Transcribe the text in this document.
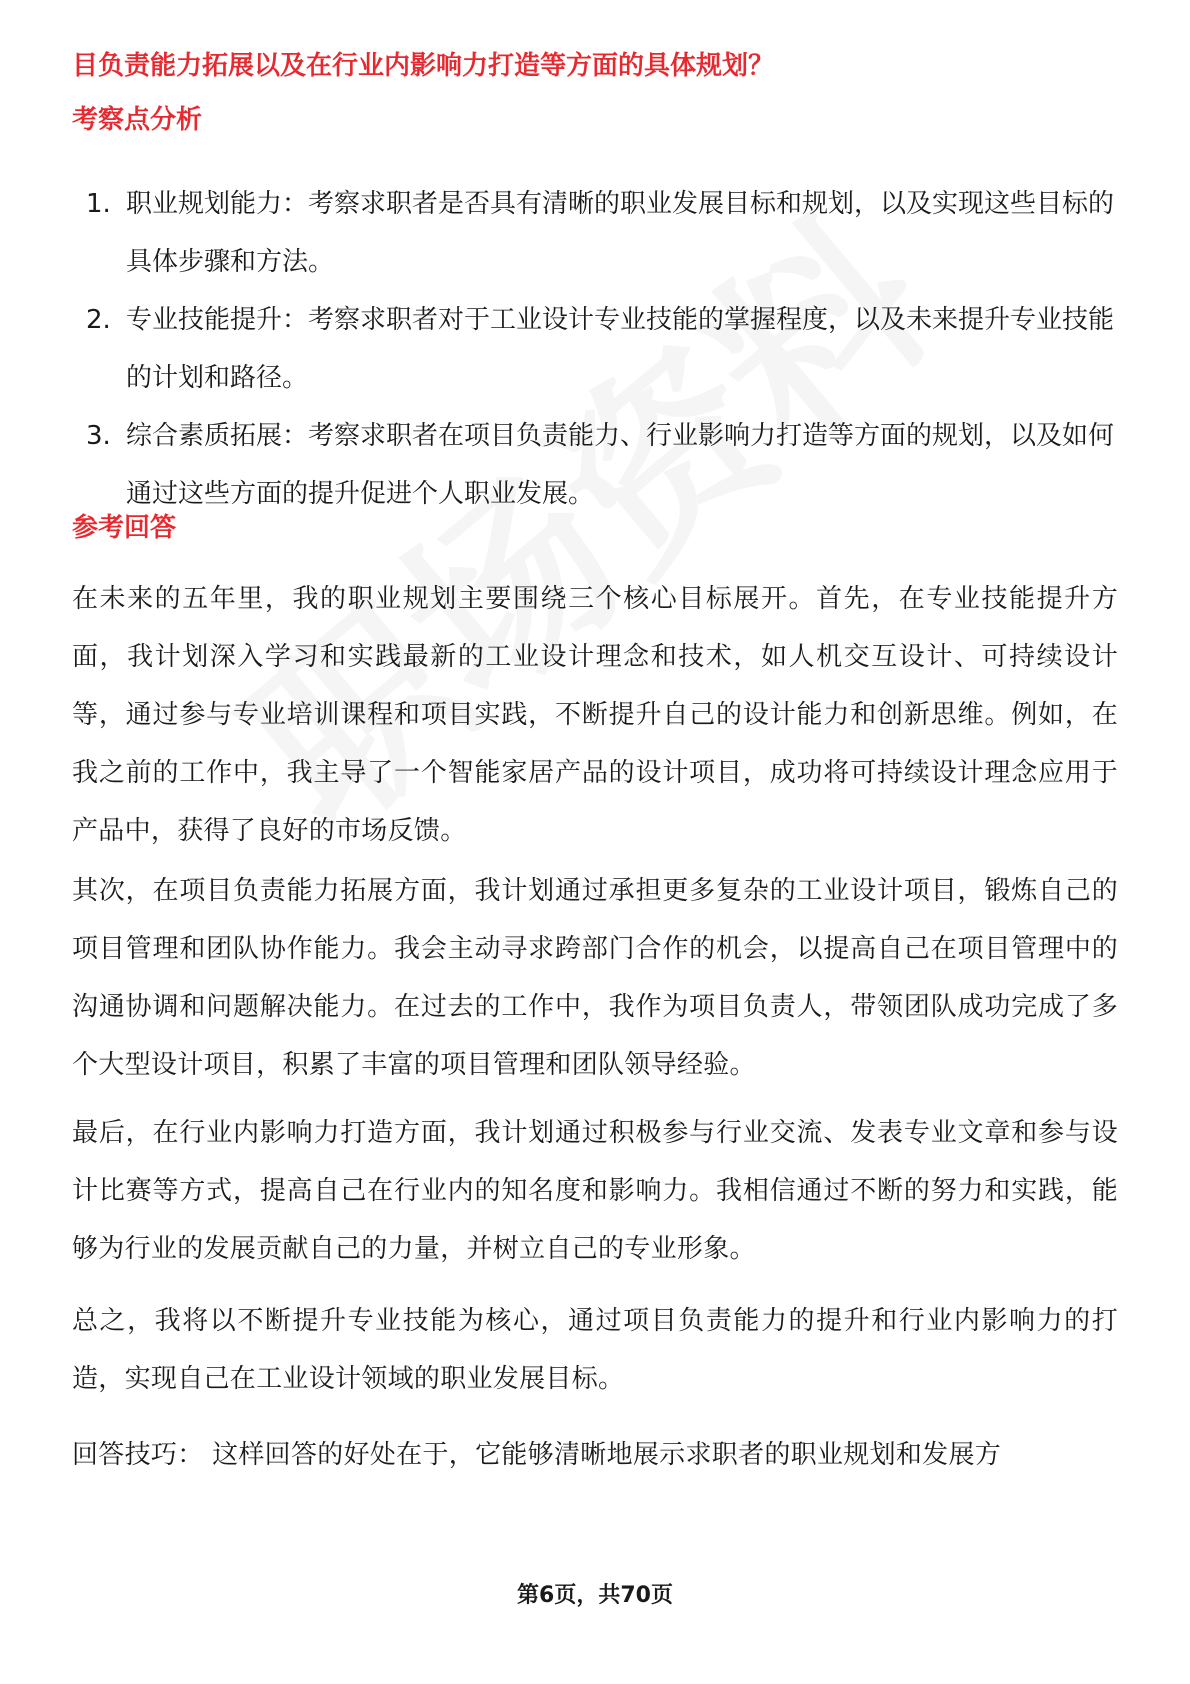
目负责能力拓展以及在行业内影响力打造等方面的具体规划？

考察点分析

1. 职业规划能力：考察求职者是否具有清晰的职业发展目标和规划，以及实现这些目标的具体步骤和方法。
2. 专业技能提升：考察求职者对于工业设计专业技能的掌握程度，以及未来提升专业技能的计划和路径。
3. 综合素质拓展：考察求职者在项目负责能力、行业影响力打造等方面的规划，以及如何通过这些方面的提升促进个人职业发展。

参考回答

在未来的五年里，我的职业规划主要围绕三个核心目标展开。首先，在专业技能提升方面，我计划深入学习和实践最新的工业设计理念和技术，如人机交互设计、可持续设计等，通过参与专业培训课程和项目实践，不断提升自己的设计能力和创新思维。例如，在我之前的工作中，我主导了一个智能家居产品的设计项目，成功将可持续设计理念应用于产品中，获得了良好的市场反馈。

其次，在项目负责能力拓展方面，我计划通过承担更多复杂的工业设计项目，锻炼自己的项目管理和团队协作能力。我会主动寻求跨部门合作的机会，以提高自己在项目管理中的沟通协调和问题解决能力。在过去的工作中，我作为项目负责人，带领团队成功完成了多个大型设计项目，积累了丰富的项目管理和团队领导经验。

最后，在行业内影响力打造方面，我计划通过积极参与行业交流、发表专业文章和参与设计比赛等方式，提高自己在行业内的知名度和影响力。我相信通过不断的努力和实践，能够为行业的发展贡献自己的力量，并树立自己的专业形象。

总之，我将以不断提升专业技能为核心，通过项目负责能力的提升和行业内影响力的打造，实现自己在工业设计领域的职业发展目标。

回答技巧： 这样回答的好处在于，它能够清晰地展示求职者的职业规划和发展方

第6页，共70页
